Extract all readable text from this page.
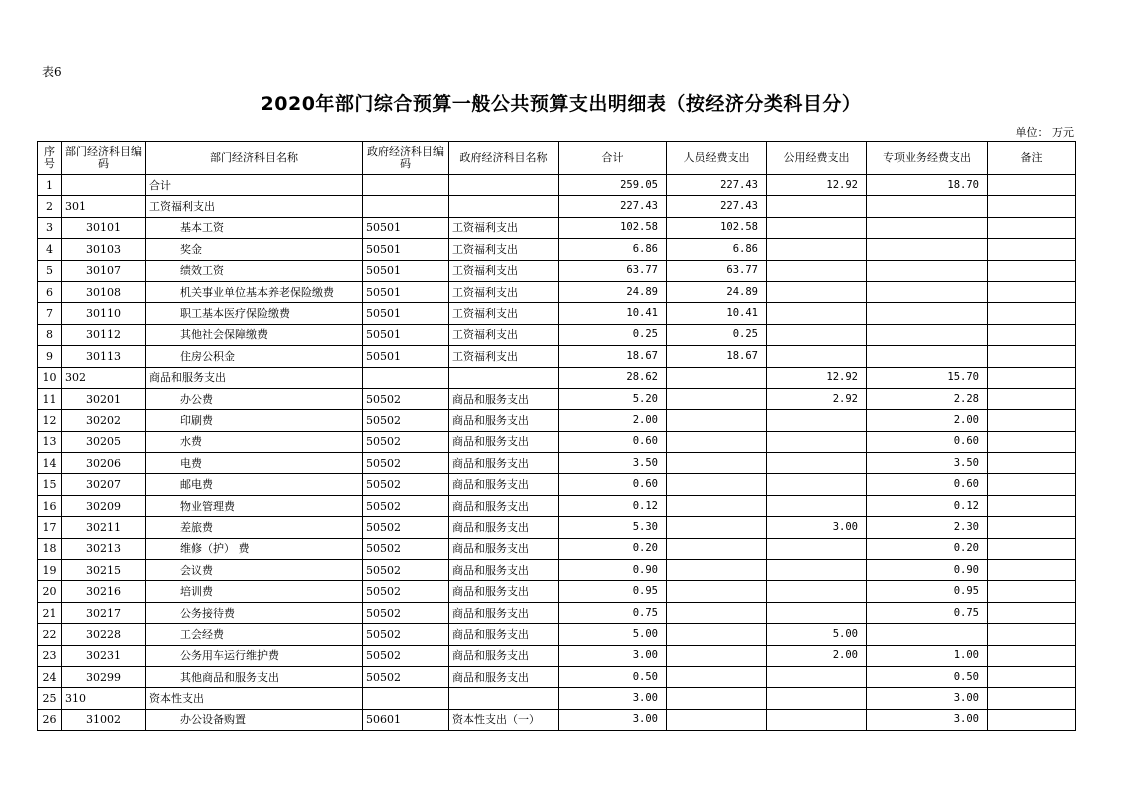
表6
2020年部门综合预算一般公共预算支出明细表（按经济分类科目分）
单位： 万元
序号	部门经济科目编码	部门经济科目名称	政府经济科目编码	政府经济科目名称	合计	人员经费支出	公用经费支出	专项业务经费支出	备注
1		合计			259.05	227.43	12.92	18.70	
2	301	工资福利支出			227.43	227.43			
3	30101	基本工资	50501	工资福利支出	102.58	102.58			
4	30103	奖金	50501	工资福利支出	6.86	6.86			
5	30107	绩效工资	50501	工资福利支出	63.77	63.77			
6	30108	机关事业单位基本养老保险缴费	50501	工资福利支出	24.89	24.89			
7	30110	职工基本医疗保险缴费	50501	工资福利支出	10.41	10.41			
8	30112	其他社会保障缴费	50501	工资福利支出	0.25	0.25			
9	30113	住房公积金	50501	工资福利支出	18.67	18.67			
10	302	商品和服务支出			28.62		12.92	15.70	
11	30201	办公费	50502	商品和服务支出	5.20		2.92	2.28	
12	30202	印刷费	50502	商品和服务支出	2.00			2.00	
13	30205	水费	50502	商品和服务支出	0.60			0.60	
14	30206	电费	50502	商品和服务支出	3.50			3.50	
15	30207	邮电费	50502	商品和服务支出	0.60			0.60	
16	30209	物业管理费	50502	商品和服务支出	0.12			0.12	
17	30211	差旅费	50502	商品和服务支出	5.30		3.00	2.30	
18	30213	维修（护） 费	50502	商品和服务支出	0.20			0.20	
19	30215	会议费	50502	商品和服务支出	0.90			0.90	
20	30216	培训费	50502	商品和服务支出	0.95			0.95	
21	30217	公务接待费	50502	商品和服务支出	0.75			0.75	
22	30228	工会经费	50502	商品和服务支出	5.00		5.00		
23	30231	公务用车运行维护费	50502	商品和服务支出	3.00		2.00	1.00	
24	30299	其他商品和服务支出	50502	商品和服务支出	0.50			0.50	
25	310	资本性支出			3.00			3.00	
26	31002	办公设备购置	50601	资本性支出（一）	3.00			3.00	
